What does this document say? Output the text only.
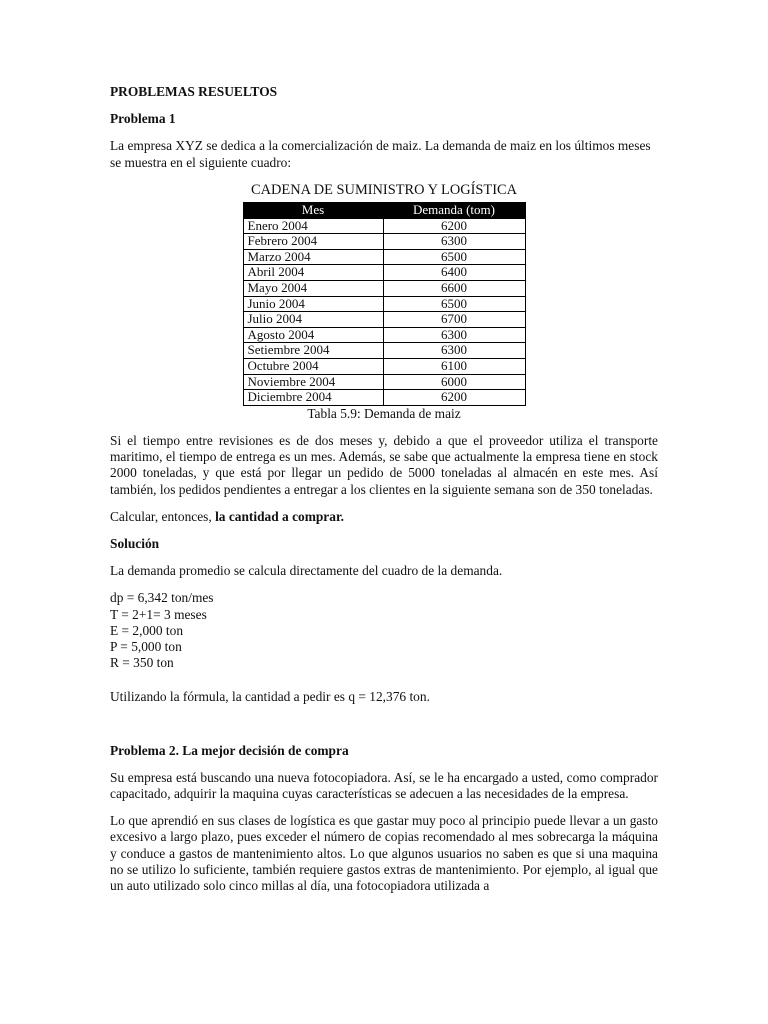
PROBLEMAS RESUELTOS
Problema 1

La empresa XYZ se dedica a la comercialización de maiz. La demanda de maiz en los últimos meses se muestra en el siguiente cuadro:

CADENA DE SUMINISTRO Y LOGÍSTICA
Mes	Demanda (tom)
Enero 2004	6200
Febrero 2004	6300
Marzo 2004	6500
Abril 2004	6400
Mayo 2004	6600
Junio 2004	6500
Julio 2004	6700
Agosto 2004	6300
Setiembre 2004	6300
Octubre 2004	6100
Noviembre 2004	6000
Diciembre 2004	6200
Tabla 5.9: Demanda de maiz

Si el tiempo entre revisiones es de dos meses y, debido a que el proveedor utiliza el transporte maritimo, el tiempo de entrega es un mes. Además, se sabe que actualmente la empresa tiene en stock 2000 toneladas, y que está por llegar un pedido de 5000 toneladas al almacén en este mes. Así también, los pedidos pendientes a entregar a los clientes en la siguiente semana son de 350 toneladas.

Calcular, entonces, la cantidad a comprar.

Solución

La demanda promedio se calcula directamente del cuadro de la demanda.

dp = 6,342 ton/mes
T = 2+1= 3 meses
E = 2,000 ton
P = 5,000 ton
R = 350 ton

Utilizando la fórmula, la cantidad a pedir es q = 12,376 ton.

Problema 2. La mejor decisión de compra

Su empresa está buscando una nueva fotocopiadora. Así, se le ha encargado a usted, como comprador capacitado, adquirir la maquina cuyas características se adecuen a las necesidades de la empresa.

Lo que aprendió en sus clases de logística es que gastar muy poco al principio puede llevar a un gasto excesivo a largo plazo, pues exceder el número de copias recomendado al mes sobrecarga la máquina y conduce a gastos de mantenimiento altos. Lo que algunos usuarios no saben es que si una maquina no se utilizo lo suficiente, también requiere gastos extras de mantenimiento. Por ejemplo, al igual que un auto utilizado solo cinco millas al día, una fotocopiadora utilizada a
